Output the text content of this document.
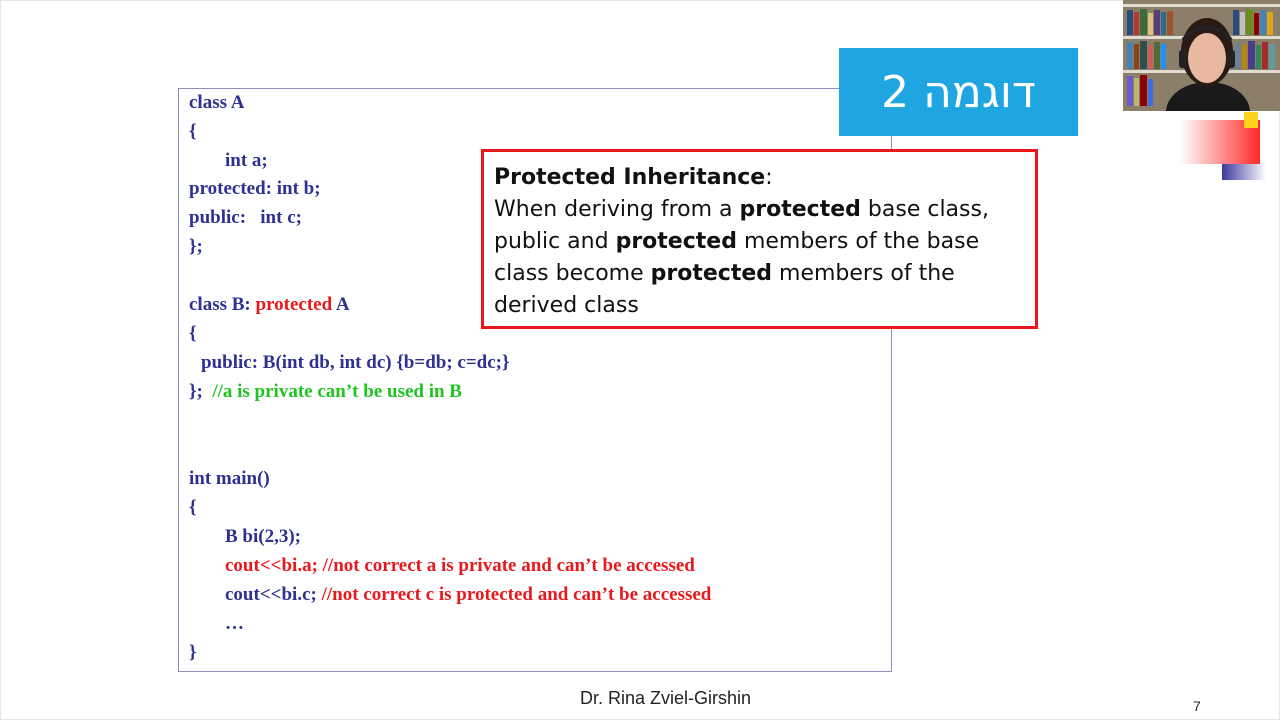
class A
{
int a;
protected: int b;
public:   int c;
};
class B: protected A
{
public: B(int db, int dc) {b=db; c=dc;}
};  //a is private can’t be used in B
int main()
{
B bi(2,3);
cout<<bi.a; //not correct a is private and can’t be accessed
cout<<bi.c; //not correct c is protected and can’t be accessed
…
}
דוגמה 2
Protected Inheritance:
When deriving from a protected base class, public and protected members of the base class become protected members of the derived class
Dr. Rina Zviel-Girshin	7
